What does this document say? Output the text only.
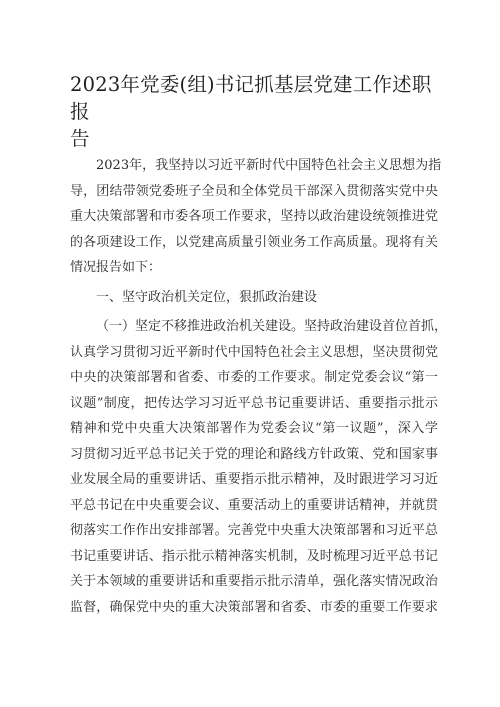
2023年党委(组)书记抓基层党建工作述职报
告
2023年，我坚持以习近平新时代中国特色社会主义思想为指
导，团结带领党委班子全员和全体党员干部深入贯彻落实党中央
重大决策部署和市委各项工作要求，坚持以政治建设统领推进党
的各项建设工作，以党建高质量引领业务工作高质量。现将有关
情况报告如下：
一、坚守政治机关定位，狠抓政治建设
（一）坚定不移推进政治机关建设。坚持政治建设首位首抓，
认真学习贯彻习近平新时代中国特色社会主义思想，坚决贯彻党
中央的决策部署和省委、市委的工作要求。制定党委会议“第一
议题”制度，把传达学习习近平总书记重要讲话、重要指示批示
精神和党中央重大决策部署作为党委会议“第一议题”，深入学
习贯彻习近平总书记关于党的理论和路线方针政策、党和国家事
业发展全局的重要讲话、重要指示批示精神，及时跟进学习习近
平总书记在中央重要会议、重要活动上的重要讲话精神，并就贯
彻落实工作作出安排部署。完善党中央重大决策部署和习近平总
书记重要讲话、指示批示精神落实机制，及时梳理习近平总书记
关于本领域的重要讲话和重要指示批示清单，强化落实情况政治
监督，确保党中央的重大决策部署和省委、市委的重要工作要求
